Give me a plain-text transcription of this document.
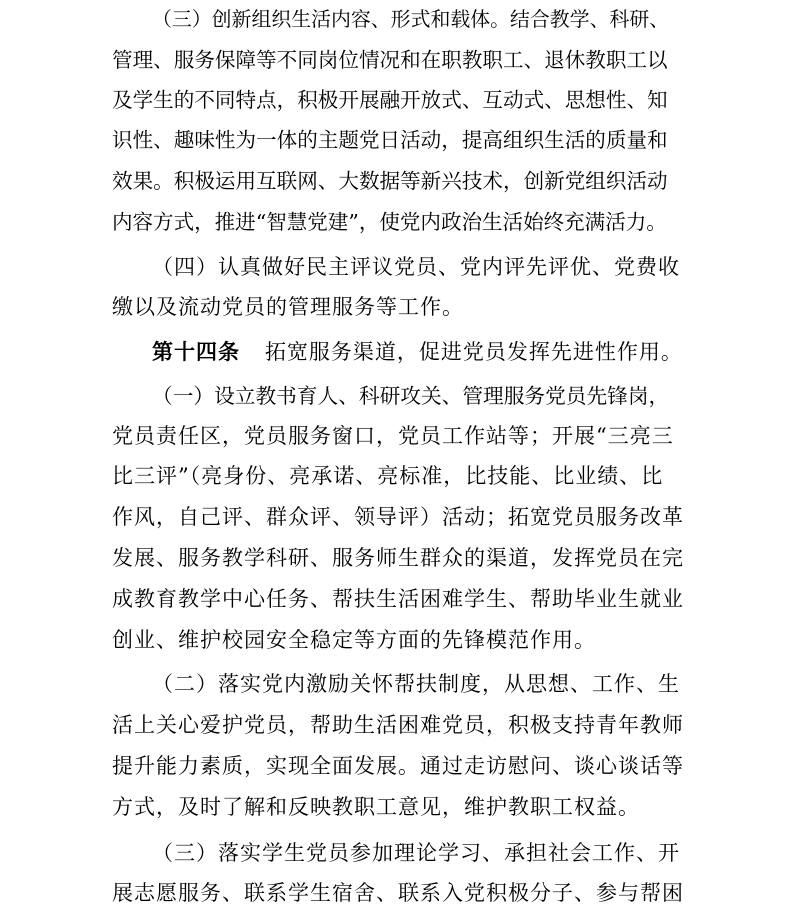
（三）创新组织生活内容、形式和载体。结合教学、科研、
管理、服务保障等不同岗位情况和在职教职工、退休教职工以
及学生的不同特点，积极开展融开放式、互动式、思想性、知
识性、趣味性为一体的主题党日活动，提高组织生活的质量和
效果。积极运用互联网、大数据等新兴技术，创新党组织活动
内容方式，推进“智慧党建”，使党内政治生活始终充满活力。
（四）认真做好民主评议党员、党内评先评优、党费收
缴以及流动党员的管理服务等工作。
第十四条 拓宽服务渠道，促进党员发挥先进性作用。
（一）设立教书育人、科研攻关、管理服务党员先锋岗，
党员责任区，党员服务窗口，党员工作站等；开展“三亮三
比三评”（亮身份、亮承诺、亮标准，比技能、比业绩、比
作风，自己评、群众评、领导评）活动；拓宽党员服务改革
发展、服务教学科研、服务师生群众的渠道，发挥党员在完
成教育教学中心任务、帮扶生活困难学生、帮助毕业生就业
创业、维护校园安全稳定等方面的先锋模范作用。
（二）落实党内激励关怀帮扶制度，从思想、工作、生
活上关心爱护党员，帮助生活困难党员，积极支持青年教师
提升能力素质，实现全面发展。通过走访慰问、谈心谈话等
方式，及时了解和反映教职工意见，维护教职工权益。
（三）落实学生党员参加理论学习、承担社会工作、开
展志愿服务、联系学生宿舍、联系入党积极分子、参与帮困
